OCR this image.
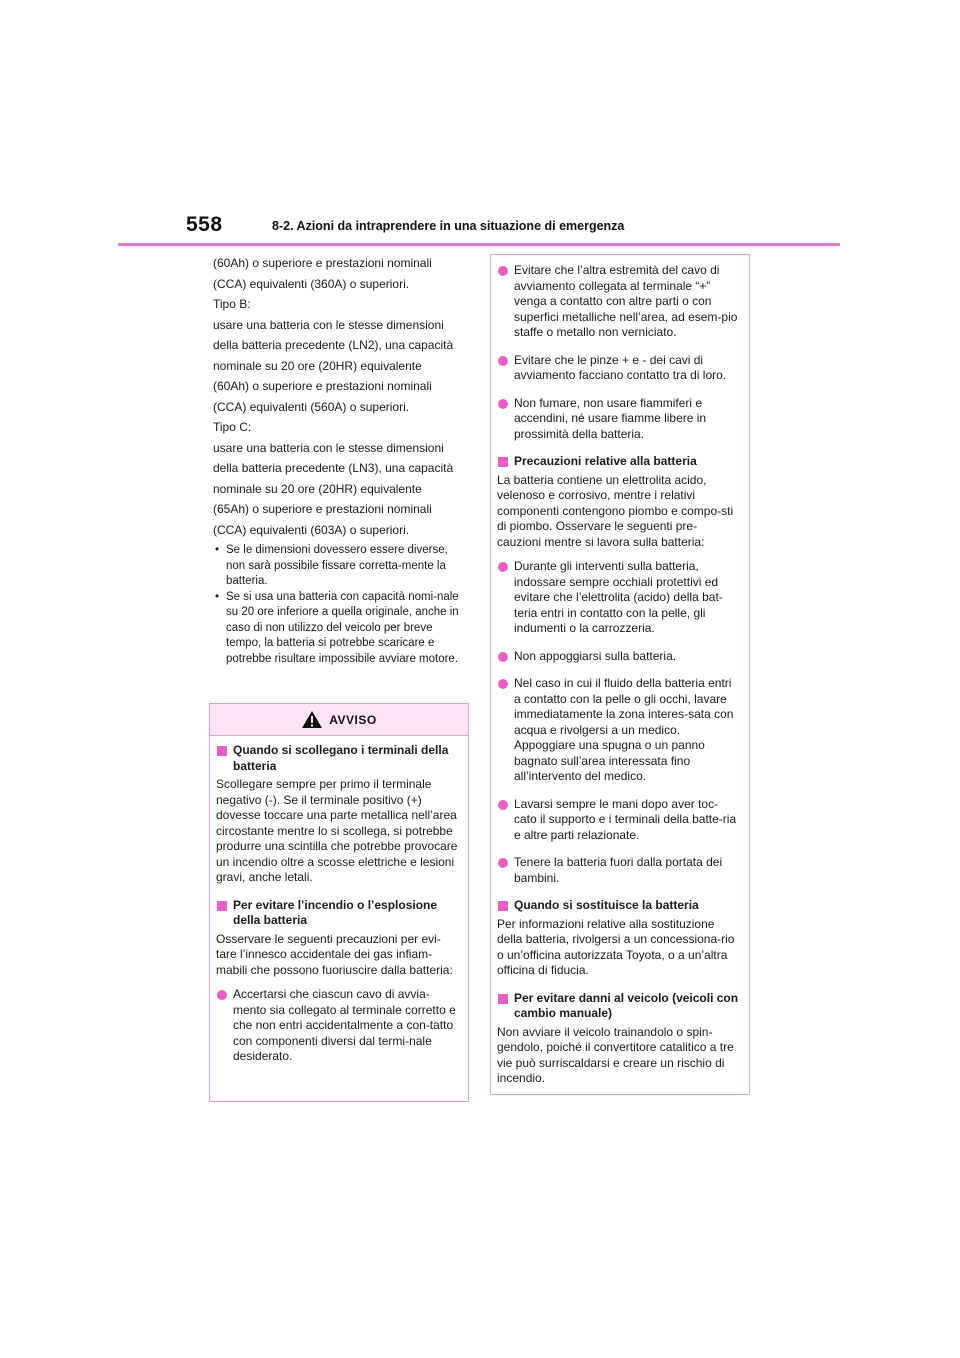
558	8-2. Azioni da intraprendere in una situazione di emergenza

(60Ah) o superiore e prestazioni nominali

(CCA) equivalenti (360A) o superiori.

Tipo B:

usare una batteria con le stesse dimensioni

della batteria precedente (LN2), una capacità

nominale su 20 ore (20HR) equivalente

(60Ah) o superiore e prestazioni nominali

(CCA) equivalenti (560A) o superiori.

Tipo C:

usare una batteria con le stesse dimensioni

della batteria precedente (LN3), una capacità

nominale su 20 ore (20HR) equivalente

(65Ah) o superiore e prestazioni nominali

(CCA) equivalenti (603A) o superiori.

• Se le dimensioni dovessero essere diverse, non sarà possibile fissare corretta-mente la batteria.
• Se si usa una batteria con capacità nomi-nale su 20 ore inferiore a quella originale, anche in caso di non utilizzo del veicolo per breve tempo, la batteria si potrebbe scaricare e potrebbe risultare impossibile avviare motore.
AVVISO
Quando si scollegano i terminali della batteria

Scollegare sempre per primo il terminale negativo (-). Se il terminale positivo (+) dovesse toccare una parte metallica nell’area circostante mentre lo si scollega, si potrebbe produrre una scintilla che potrebbe provocare un incendio oltre a scosse elettriche e lesioni gravi, anche letali.

Per evitare l’incendio o l’esplosione della batteria

Osservare le seguenti precauzioni per evi-tare l’innesco accidentale dei gas infiam-mabili che possono fuoriuscire dalla batteria:

Accertarsi che ciascun cavo di avvia-mento sia collegato al terminale corretto e che non entri accidentalmente a con-tatto con componenti diversi dal termi-nale desiderato.
Evitare che l’altra estremità del cavo di avviamento collegata al terminale “+” venga a contatto con altre parti o con superfici metalliche nell’area, ad esem-pio staffe o metallo non verniciato.
Evitare che le pinze + e - dei cavi di avviamento facciano contatto tra di loro.
Non fumare, non usare fiammiferi e accendini, né usare fiamme libere in prossimità della batteria.
Precauzioni relative alla batteria

La batteria contiene un elettrolita acido, velenoso e corrosivo, mentre i relativi componenti contengono piombo e compo-sti di piombo. Osservare le seguenti pre-cauzioni mentre si lavora sulla batteria:

Durante gli interventi sulla batteria, indossare sempre occhiali protettivi ed evitare che l’elettrolita (acido) della bat-teria entri in contatto con la pelle, gli indumenti o la carrozzeria.
Non appoggiarsi sulla batteria.
Nel caso in cui il fluido della batteria entri a contatto con la pelle o gli occhi, lavare immediatamente la zona interes-sata con acqua e rivolgersi a un medico. Appoggiare una spugna o un panno bagnato sull’area interessata fino all’intervento del medico.
Lavarsi sempre le mani dopo aver toc-cato il supporto e i terminali della batte-ria e altre parti relazionate.
Tenere la batteria fuori dalla portata dei bambini.
Quando si sostituisce la batteria

Per informazioni relative alla sostituzione della batteria, rivolgersi a un concessiona-rio o un’officina autorizzata Toyota, o a un’altra officina di fiducia.

Per evitare danni al veicolo (veicoli con cambio manuale)

Non avviare il veicolo trainandolo o spin-gendolo, poiché il convertitore catalitico a tre vie può surriscaldarsi e creare un rischio di incendio.
